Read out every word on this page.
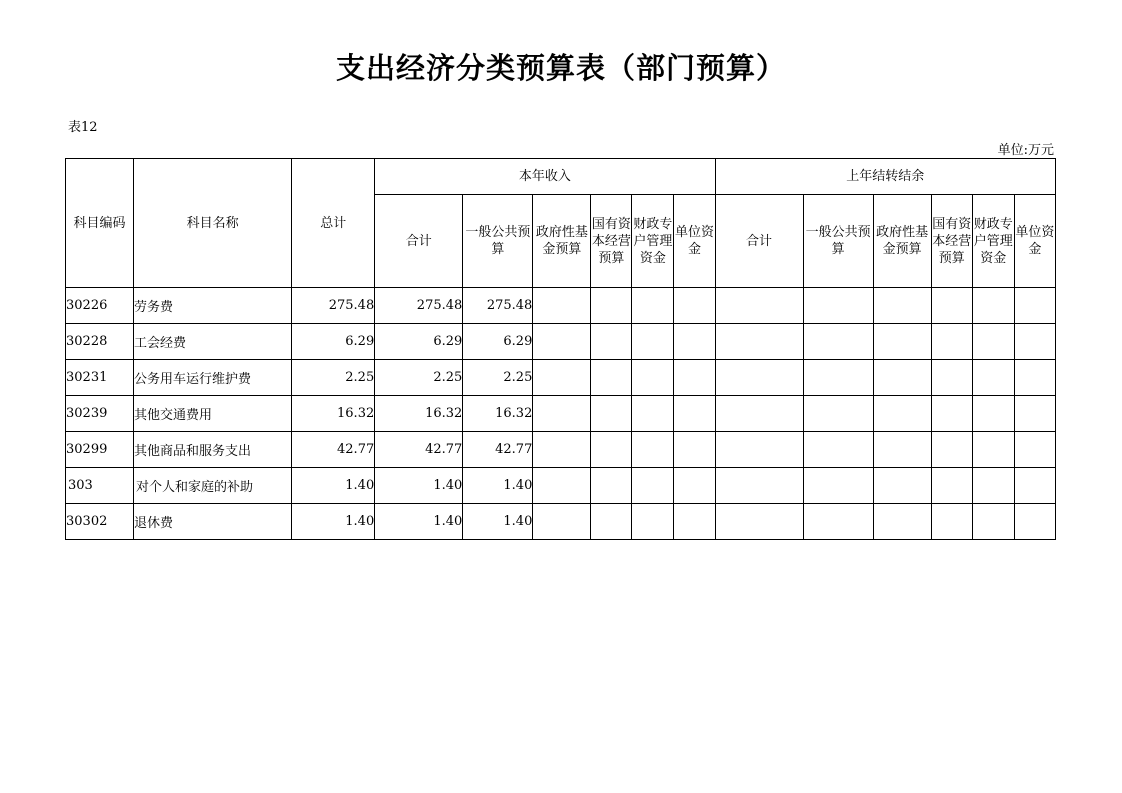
支出经济分类预算表（部门预算）
表12
单位:万元
科目编码	科目名称	总计	本年收入						上年结转结余					
			合计	一般公共预算	政府性基金预算	国有资本经营预算	财政专户管理资金	单位资金	合计	一般公共预算	政府性基金预算	国有资本经营预算	财政专户管理资金	单位资金
30226	劳务费	275.48	275.48	275.48										
30228	工会经费	6.29	6.29	6.29										
30231	公务用车运行维护费	2.25	2.25	2.25										
30239	其他交通费用	16.32	16.32	16.32										
30299	其他商品和服务支出	42.77	42.77	42.77										
303	对个人和家庭的补助	1.40	1.40	1.40										
30302	退休费	1.40	1.40	1.40										
